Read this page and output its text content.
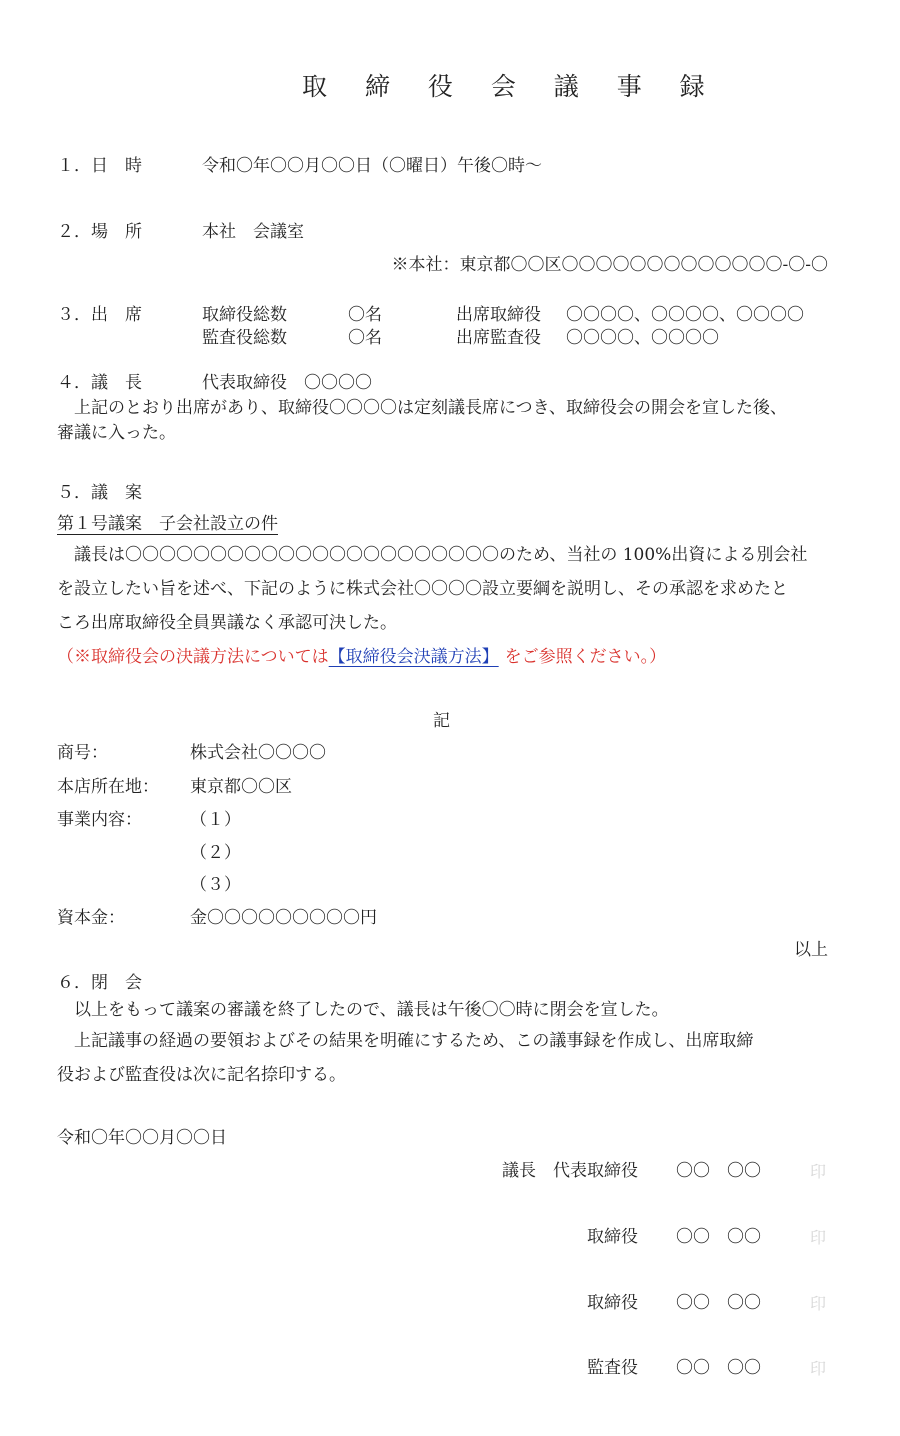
取 締 役 会 議 事 録
１．日　時	令和〇年〇〇月〇〇日（〇曜日）午後〇時～
２．場　所	本社　会議室
※本社：東京都〇〇区〇〇〇〇〇〇〇〇〇〇〇〇〇-〇-〇
３．出　席	取締役総数	〇名	出席取締役 〇〇〇〇、〇〇〇〇、〇〇〇〇
監査役総数	〇名	出席監査役 〇〇〇〇、〇〇〇〇
４．議　長	代表取締役　〇〇〇〇
上記のとおり出席があり、取締役〇〇〇〇は定刻議長席につき、取締役会の開会を宣した後、
審議に入った。
５．議　案
第１号議案　子会社設立の件
議長は〇〇〇〇〇〇〇〇〇〇〇〇〇〇〇〇〇〇〇〇〇〇のため、当社の 100%出資による別会社
を設立したい旨を述べ、下記のように株式会社〇〇〇〇設立要綱を説明し、その承認を求めたと
ころ出席取締役全員異議なく承認可決した。
（※取締役会の決議方法については【取締役会決議方法】 をご参照ください。）
記
商号：	株式会社〇〇〇〇
本店所在地： 東京都〇〇区
事業内容：	（１）
（２）
（３）
資本金：	金〇〇〇〇〇〇〇〇〇円
以上
６．閉　会
以上をもって議案の審議を終了したので、議長は午後〇〇時に閉会を宣した。
上記議事の経過の要領およびその結果を明確にするため、この議事録を作成し、出席取締
役および監査役は次に記名捺印する。
令和〇年〇〇月〇〇日
議長　代表取締役 〇〇　〇〇	印
取締役 〇〇　〇〇	印
取締役 〇〇　〇〇	印
監査役 〇〇　〇〇	印
